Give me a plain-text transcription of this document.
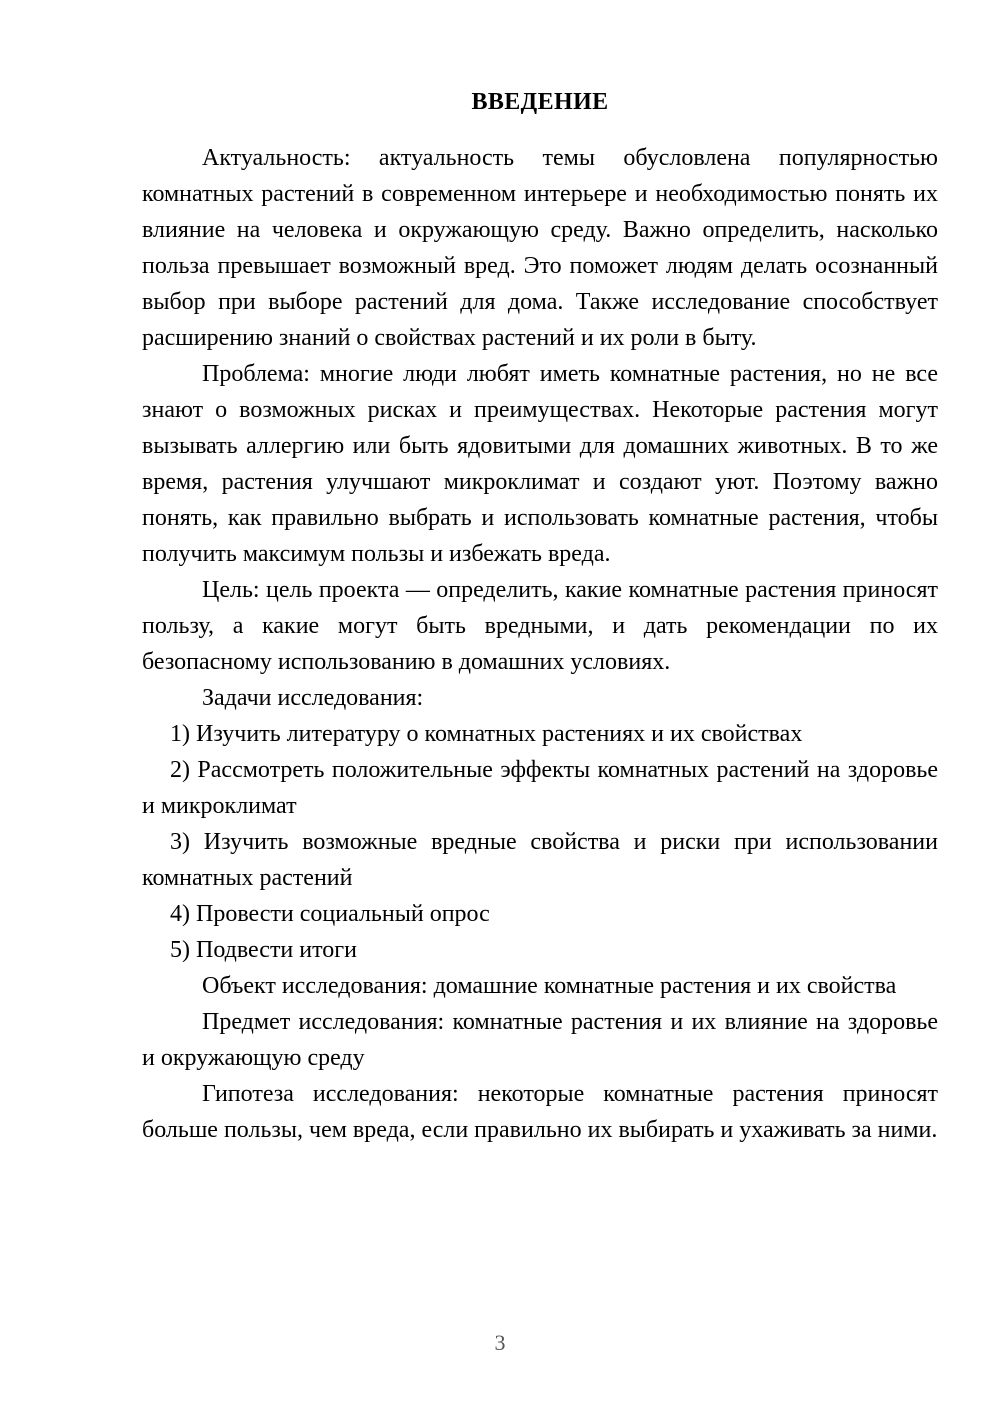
ВВЕДЕНИЕ

Актуальность: актуальность темы обусловлена популярностью комнатных растений в современном интерьере и необходимостью понять их влияние на человека и окружающую среду. Важно определить, насколько польза превышает возможный вред. Это поможет людям делать осознанный выбор при выборе растений для дома. Также исследование способствует расширению знаний о свойствах растений и их роли в быту.

Проблема: многие люди любят иметь комнатные растения, но не все знают о возможных рисках и преимуществах. Некоторые растения могут вызывать аллергию или быть ядовитыми для домашних животных. В то же время, растения улучшают микроклимат и создают уют. Поэтому важно понять, как правильно выбрать и использовать комнатные растения, чтобы получить максимум пользы и избежать вреда.

Цель: цель проекта — определить, какие комнатные растения приносят пользу, а какие могут быть вредными, и дать рекомендации по их безопасному использованию в домашних условиях.

Задачи исследования:

1) Изучить литературу о комнатных растениях и их свойствах

2) Рассмотреть положительные эффекты комнатных растений на здоровье и микроклимат

3) Изучить возможные вредные свойства и риски при использовании комнатных растений

4) Провести социальный опрос

5) Подвести итоги

Объект исследования: домашние комнатные растения и их свойства

Предмет исследования: комнатные растения и их влияние на здоровье и окружающую среду

Гипотеза исследования: некоторые комнатные растения приносят больше пользы, чем вреда, если правильно их выбирать и ухаживать за ними.

3
